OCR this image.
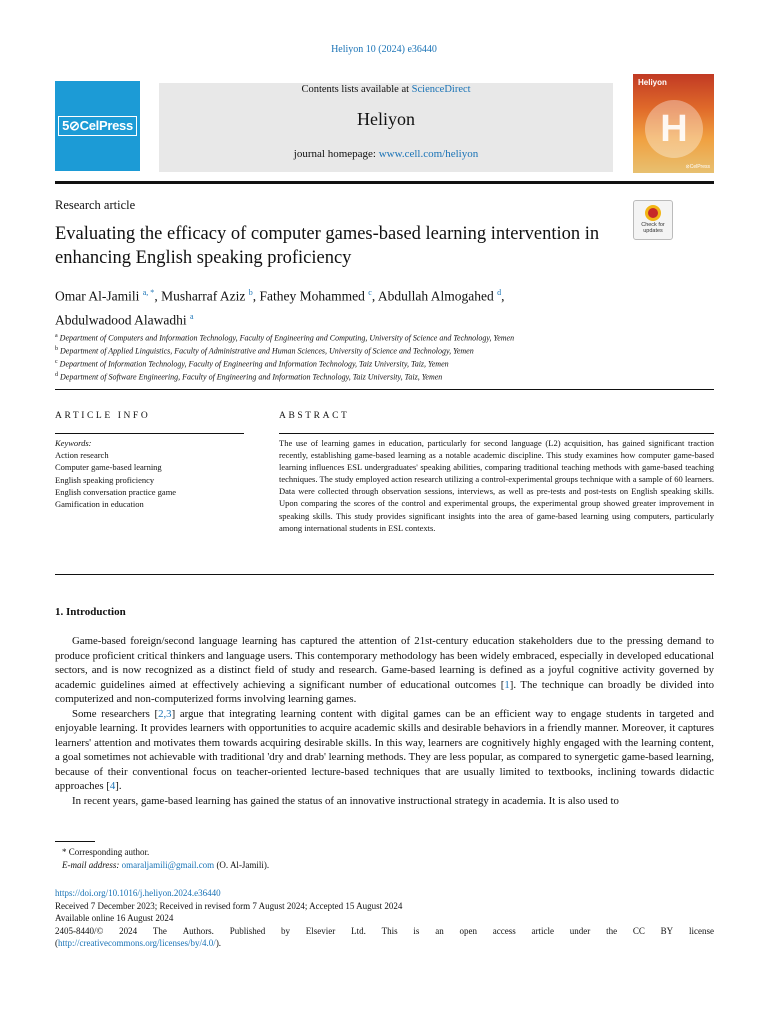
Heliyon 10 (2024) e36440
5⊘CelPress
Contents lists available at ScienceDirect
Heliyon
journal homepage: www.cell.com/heliyon
Heliyon
H
⊘CelPress
Research article
Check for
updates
Evaluating the efficacy of computer games-based learning intervention in enhancing English speaking proficiency
Omar Al-Jamili $^{a, *}$, Musharraf Aziz $^b$, Fathey Mohammed $^c$, Abdullah Almogahed $^d$,
Abdulwadood Alawadhi $^a$
$^a$ Department of Computers and Information Technology, Faculty of Engineering and Computing, University of Science and Technology, Yemen
$^b$ Department of Applied Linguistics, Faculty of Administrative and Human Sciences, University of Science and Technology, Yemen
$^c$ Department of Information Technology, Faculty of Engineering and Information Technology, Taiz University, Taiz, Yemen
$^d$ Department of Software Engineering, Faculty of Engineering and Information Technology, Taiz University, Taiz, Yemen
ARTICLE INFO	ABSTRACT
Keywords:
Action research
Computer game-based learning
English speaking proficiency
English conversation practice game
Gamification in education
The use of learning games in education, particularly for second language (L2) acquisition, has gained significant traction recently, establishing game-based learning as a notable academic discipline. This study examines how computer game-based learning influences ESL undergraduates' speaking abilities, comparing traditional teaching methods with game-based teaching techniques. The study employed action research utilizing a control-experimental groups technique with a sample of 60 learners. Data were collected through observation sessions, interviews, as well as pre-tests and post-tests on English speaking skills. Upon comparing the scores of the control and experimental groups, the experimental group showed greater improvement in speaking skills. This study provides significant insights into the area of game-based learning using computers, particularly among international students in ESL contexts.
1. Introduction

Game-based foreign/second language learning has captured the attention of 21st-century education stakeholders due to the pressing demand to produce proficient critical thinkers and language users. This contemporary methodology has been widely embraced, especially in developed educational sectors, and is now recognized as a distinct field of study and research. Game-based learning is defined as a joyful cognitive activity governed by academic guidelines aimed at effectively achieving a significant number of educational outcomes [1]. The technique can broadly be divided into computerized and non-computerized forms involving learning games.

Some researchers [2,3] argue that integrating learning content with digital games can be an efficient way to engage students in targeted and enjoyable learning. It provides learners with opportunities to acquire academic skills and desirable behaviors in a friendly manner. Moreover, it captures learners' attention and motivates them towards acquiring desirable skills. In this way, learners are cognitively highly engaged with the learning content, a goal sometimes not achievable with traditional 'dry and drab' learning methods. They are less popular, as compared to synergetic game-based learning, because of their conventional focus on teacher-oriented lecture-based techniques that are usually limited to textbooks, inclining towards didactic approaches [4].

In recent years, game-based learning has gained the status of an innovative instructional strategy in academia. It is also used to

* Corresponding author.
E-mail address: omaraljamili@gmail.com (O. Al-Jamili).
https://doi.org/10.1016/j.heliyon.2024.e36440
Received 7 December 2023; Received in revised form 7 August 2024; Accepted 15 August 2024
Available online 16 August 2024
2405-8440/© 2024 The Authors. Published by Elsevier Ltd. This is an open access article under the CC BY license
(http://creativecommons.org/licenses/by/4.0/).
